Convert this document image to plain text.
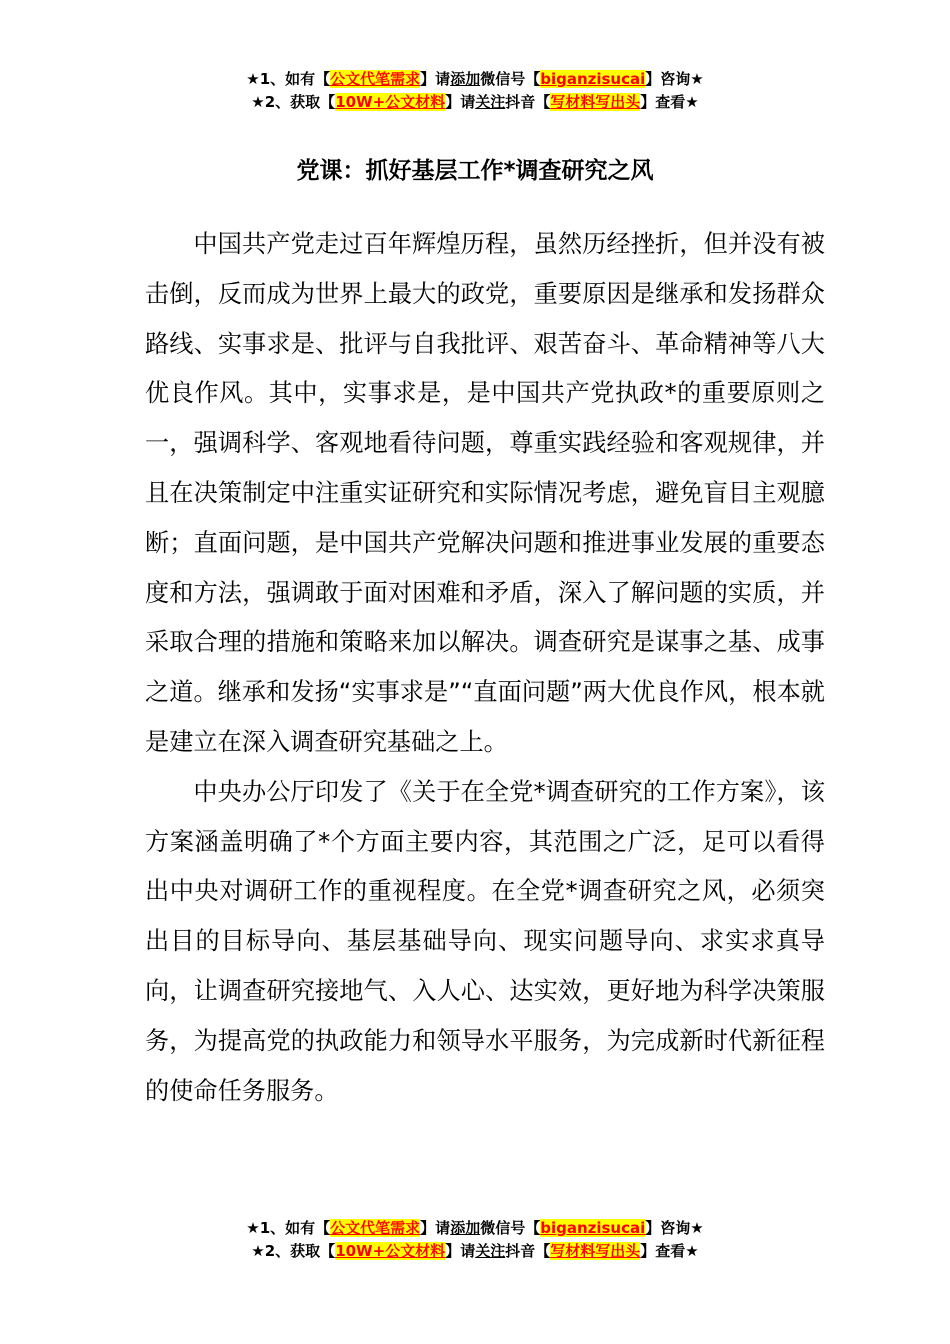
★1、如有【公文代笔需求】请添加微信号【biganzisucai】咨询★
★2、获取【10W+公文材料】请关注抖音【写材料写出头】查看★
党课：抓好基层工作*调查研究之风

中国共产党走过百年辉煌历程，虽然历经挫折，但并没有被击倒，反而成为世界上最大的政党，重要原因是继承和发扬群众路线、实事求是、批评与自我批评、艰苦奋斗、革命精神等八大优良作风。其中，实事求是，是中国共产党执政*的重要原则之一，强调科学、客观地看待问题，尊重实践经验和客观规律，并且在决策制定中注重实证研究和实际情况考虑，避免盲目主观臆断；直面问题，是中国共产党解决问题和推进事业发展的重要态度和方法，强调敢于面对困难和矛盾，深入了解问题的实质，并采取合理的措施和策略来加以解决。调查研究是谋事之基、成事之道。继承和发扬“实事求是”“直面问题”两大优良作风，根本就是建立在深入调查研究基础之上。

中央办公厅印发了《关于在全党*调查研究的工作方案》，该方案涵盖明确了*个方面主要内容，其范围之广泛，足可以看得出中央对调研工作的重视程度。在全党*调查研究之风，必须突出目的目标导向、基层基础导向、现实问题导向、求实求真导向，让调查研究接地气、入人心、达实效，更好地为科学决策服务，为提高党的执政能力和领导水平服务，为完成新时代新征程的使命任务服务。

★1、如有【公文代笔需求】请添加微信号【biganzisucai】咨询★
★2、获取【10W+公文材料】请关注抖音【写材料写出头】查看★
